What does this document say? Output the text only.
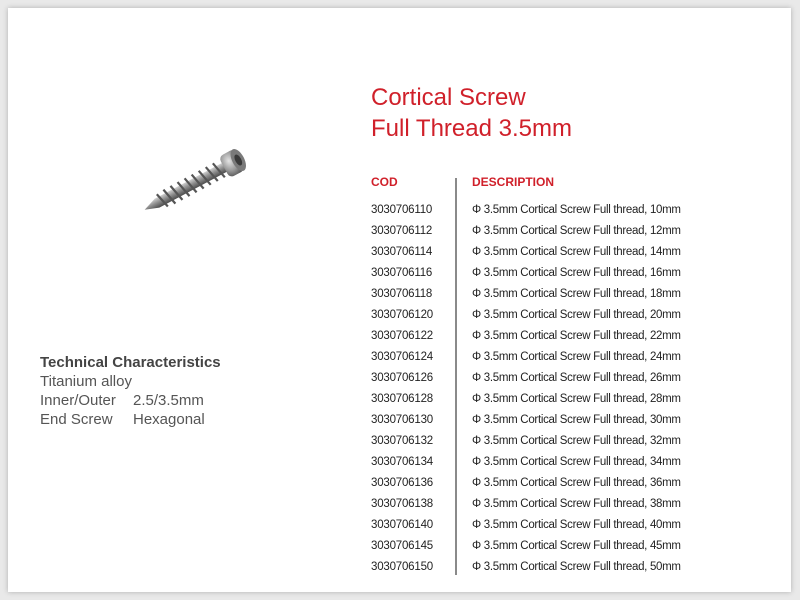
Cortical Screw
Full Thread 3.5mm
Technical Characteristics
Titanium alloy
Inner/Outer	2.5/3.5mm
End Screw	Hexagonal
COD	DESCRIPTION
3030706110	Φ 3.5mm Cortical Screw Full thread, 10mm
3030706112	Φ 3.5mm Cortical Screw Full thread, 12mm
3030706114	Φ 3.5mm Cortical Screw Full thread, 14mm
3030706116	Φ 3.5mm Cortical Screw Full thread, 16mm
3030706118	Φ 3.5mm Cortical Screw Full thread, 18mm
3030706120	Φ 3.5mm Cortical Screw Full thread, 20mm
3030706122	Φ 3.5mm Cortical Screw Full thread, 22mm
3030706124	Φ 3.5mm Cortical Screw Full thread, 24mm
3030706126	Φ 3.5mm Cortical Screw Full thread, 26mm
3030706128	Φ 3.5mm Cortical Screw Full thread, 28mm
3030706130	Φ 3.5mm Cortical Screw Full thread, 30mm
3030706132	Φ 3.5mm Cortical Screw Full thread, 32mm
3030706134	Φ 3.5mm Cortical Screw Full thread, 34mm
3030706136	Φ 3.5mm Cortical Screw Full thread, 36mm
3030706138	Φ 3.5mm Cortical Screw Full thread, 38mm
3030706140	Φ 3.5mm Cortical Screw Full thread, 40mm
3030706145	Φ 3.5mm Cortical Screw Full thread, 45mm
3030706150	Φ 3.5mm Cortical Screw Full thread, 50mm
